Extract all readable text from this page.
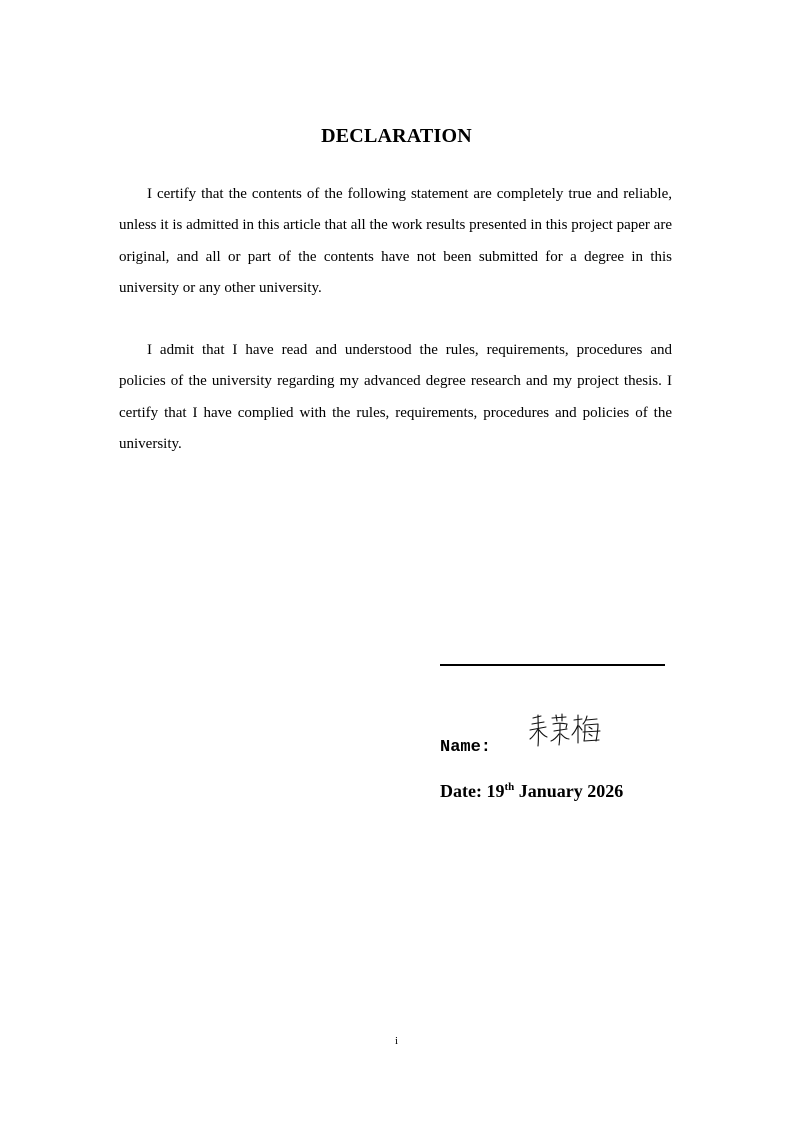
DECLARATION

I certify that the contents of the following statement are completely true and reliable, unless it is admitted in this article that all the work results presented in this project paper are original, and all or part of the contents have not been submitted for a degree in this university or any other university.

I admit that I have read and understood the rules, requirements, procedures and policies of the university regarding my advanced degree research and my project thesis. I certify that I have complied with the rules, requirements, procedures and policies of the university.

Name:
Date: 19th January 2026
i
